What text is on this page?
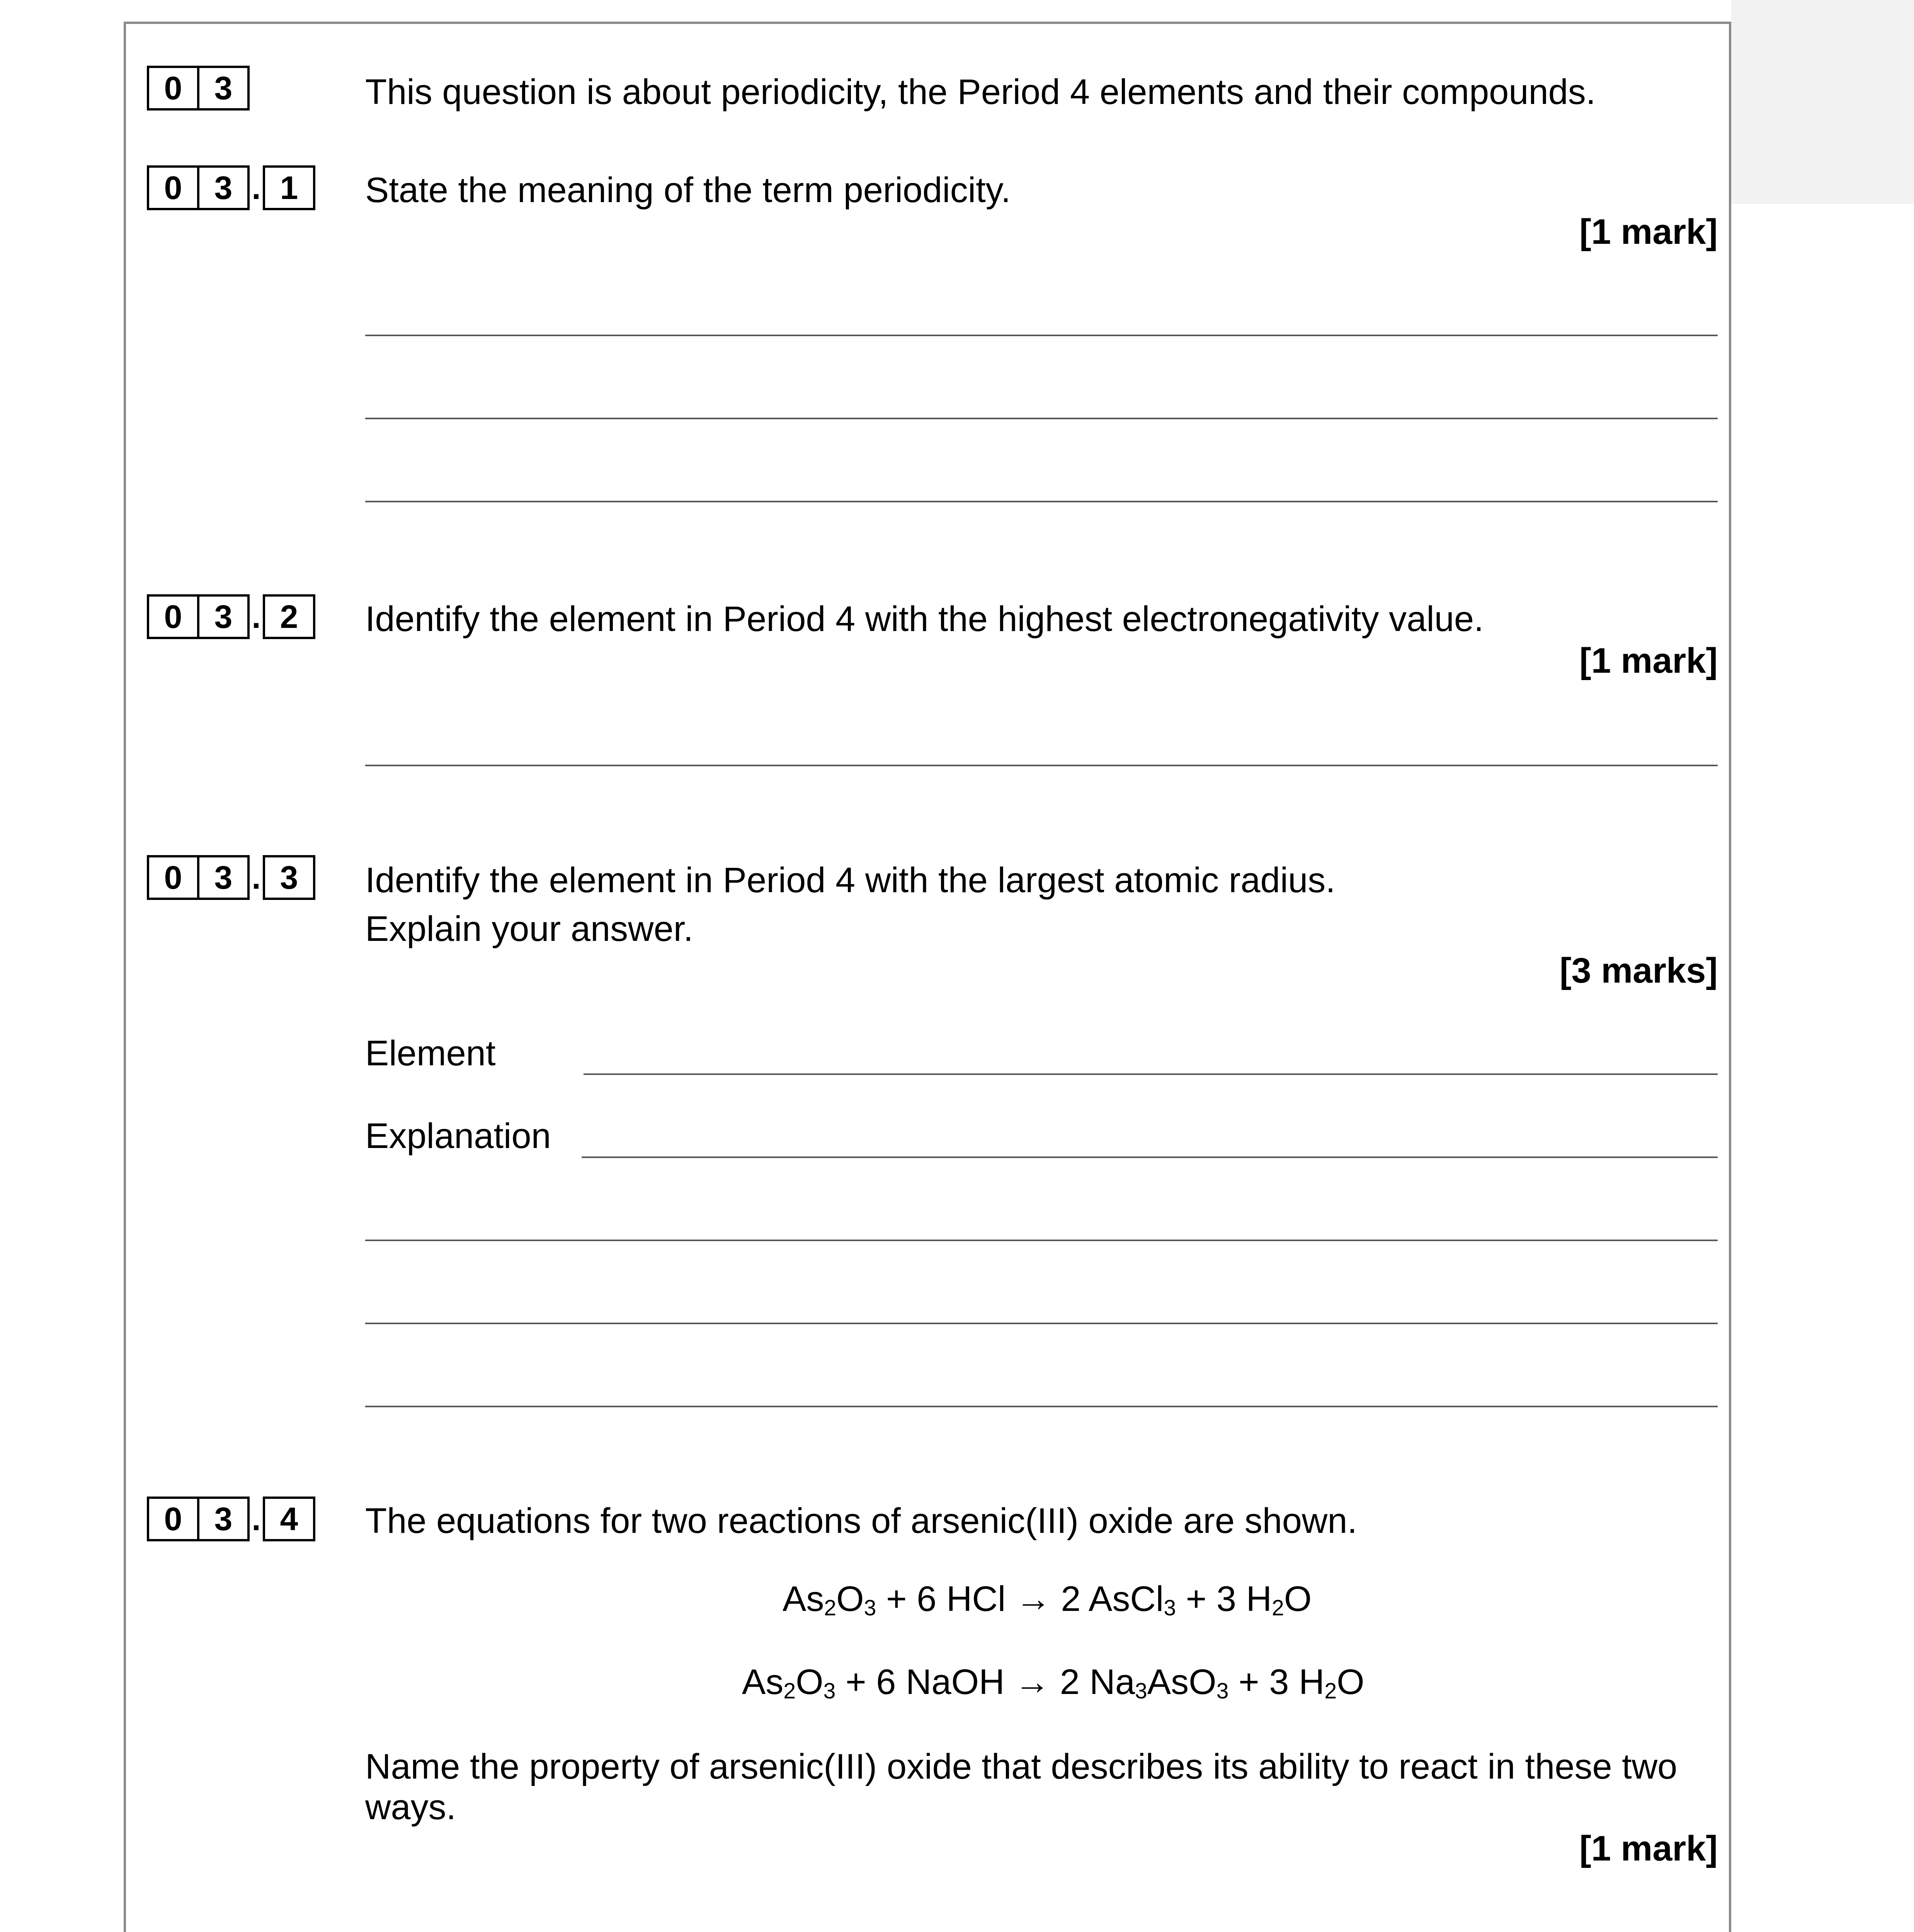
0 3	This question is about periodicity, the Period 4 elements and their compounds.
0 3 . 1	State the meaning of the term periodicity.
[1 mark]
0 3 . 2	Identify the element in Period 4 with the highest electronegativity value.
[1 mark]
0 3 . 3	Identify the element in Period 4 with the largest atomic radius.
Explain your answer.
[3 marks]
Element
Explanation
0 3 . 4	The equations for two reactions of arsenic(III) oxide are shown.
$As_2O_3 + 6$ HCl → 2 AsCl$_3$ + 3 $H_2O$
$As_2O_3 + 6$ NaOH → 2 $Na_3AsO_3 + 3$ $H_2O$
Name the property of arsenic(III) oxide that describes its ability to react in these two
ways.
[1 mark]
